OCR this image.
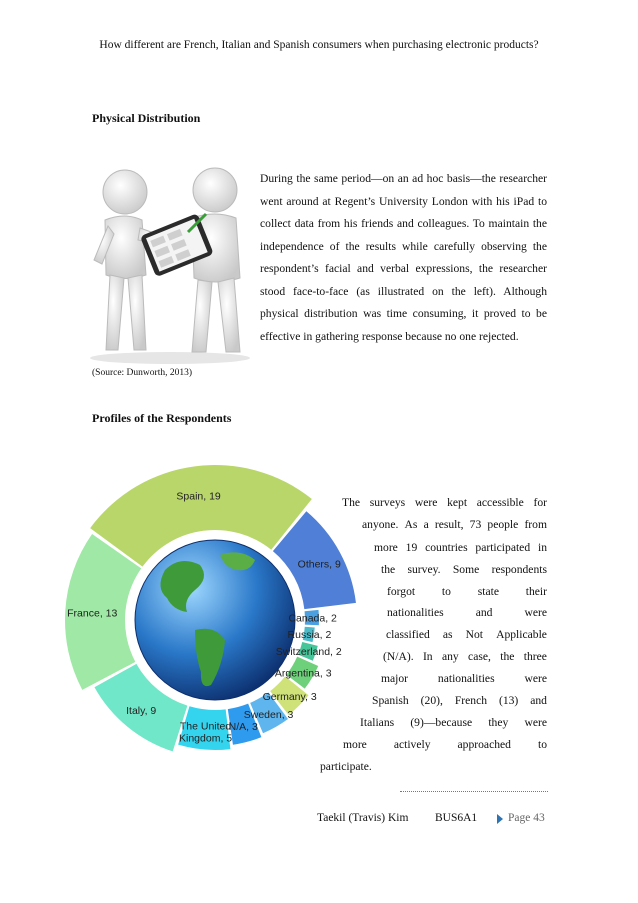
How different are French, Italian and Spanish consumers when purchasing electronic products?
Physical Distribution
During the same period—on an ad hoc basis—the researcher went around at Regent’s University London with his iPad to collect data from his friends and colleagues. To maintain the independence of the results while carefully observing the respondent’s facial and verbal expressions, the researcher stood face-to-face (as illustrated on the left). Although physical distribution was time consuming, it proved to be effective in gathering response because no one rejected.
(Source: Dunworth, 2013)
Profiles of the Respondents
Spain, 19
Others, 9
Canada, 2
Russia, 2
Switzerland, 2
Argentina, 3
Germany, 3
Sweden, 3
N/A, 3
The United
Kingdom, 5
Italy, 9
France, 13
The surveys were kept accessible for
anyone. As a result, 73 people from
more 19 countries participated in
the survey. Some respondents
forgot to state their
nationalities	and	were
classified as Not Applicable
(N/A). In any case, the three
major	nationalities	were
Spanish (20), French (13) and
Italians (9)—because they were
more actively approached to
participate.
Taekil (Travis) Kim BUS6A1	Page 43
